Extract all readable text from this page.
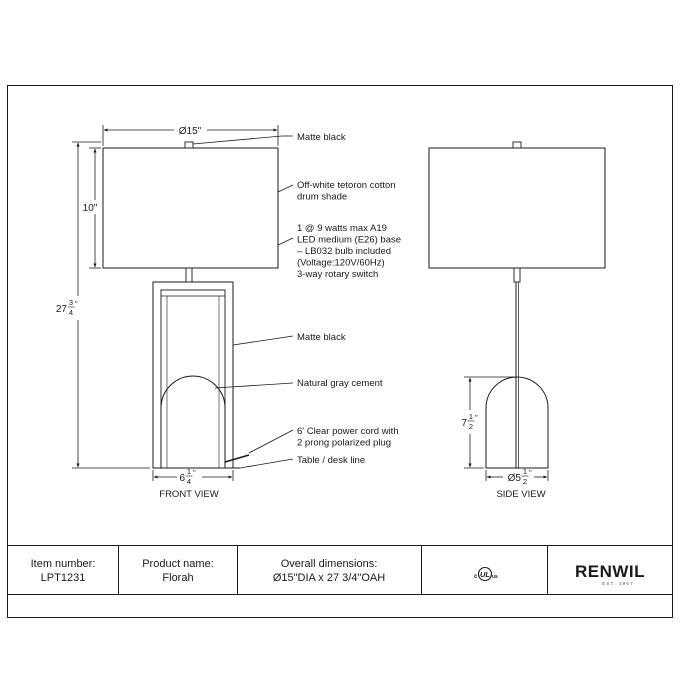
Ø15"
10"
27
3
4
"
6
1
4
"
FRONT VIEW
Matte black
Off-white tetoron cotton drum shade
1 @ 9 watts max A19 LED medium (E26) base – LB032 bulb included (Voltage:120V/60Hz) 3-way rotary switch
Matte black
Natural gray cement
6' Clear power cord with 2 prong polarized plug
Table / desk line
7
1
2
"
Ø5
1
2
"
SIDE VIEW
Item number:
LPT1231
Product name:
Florah
Overall dimensions:
Ø15"DIA x 27 3/4"OAH	c UL us	RENWIL
EST. 1967
